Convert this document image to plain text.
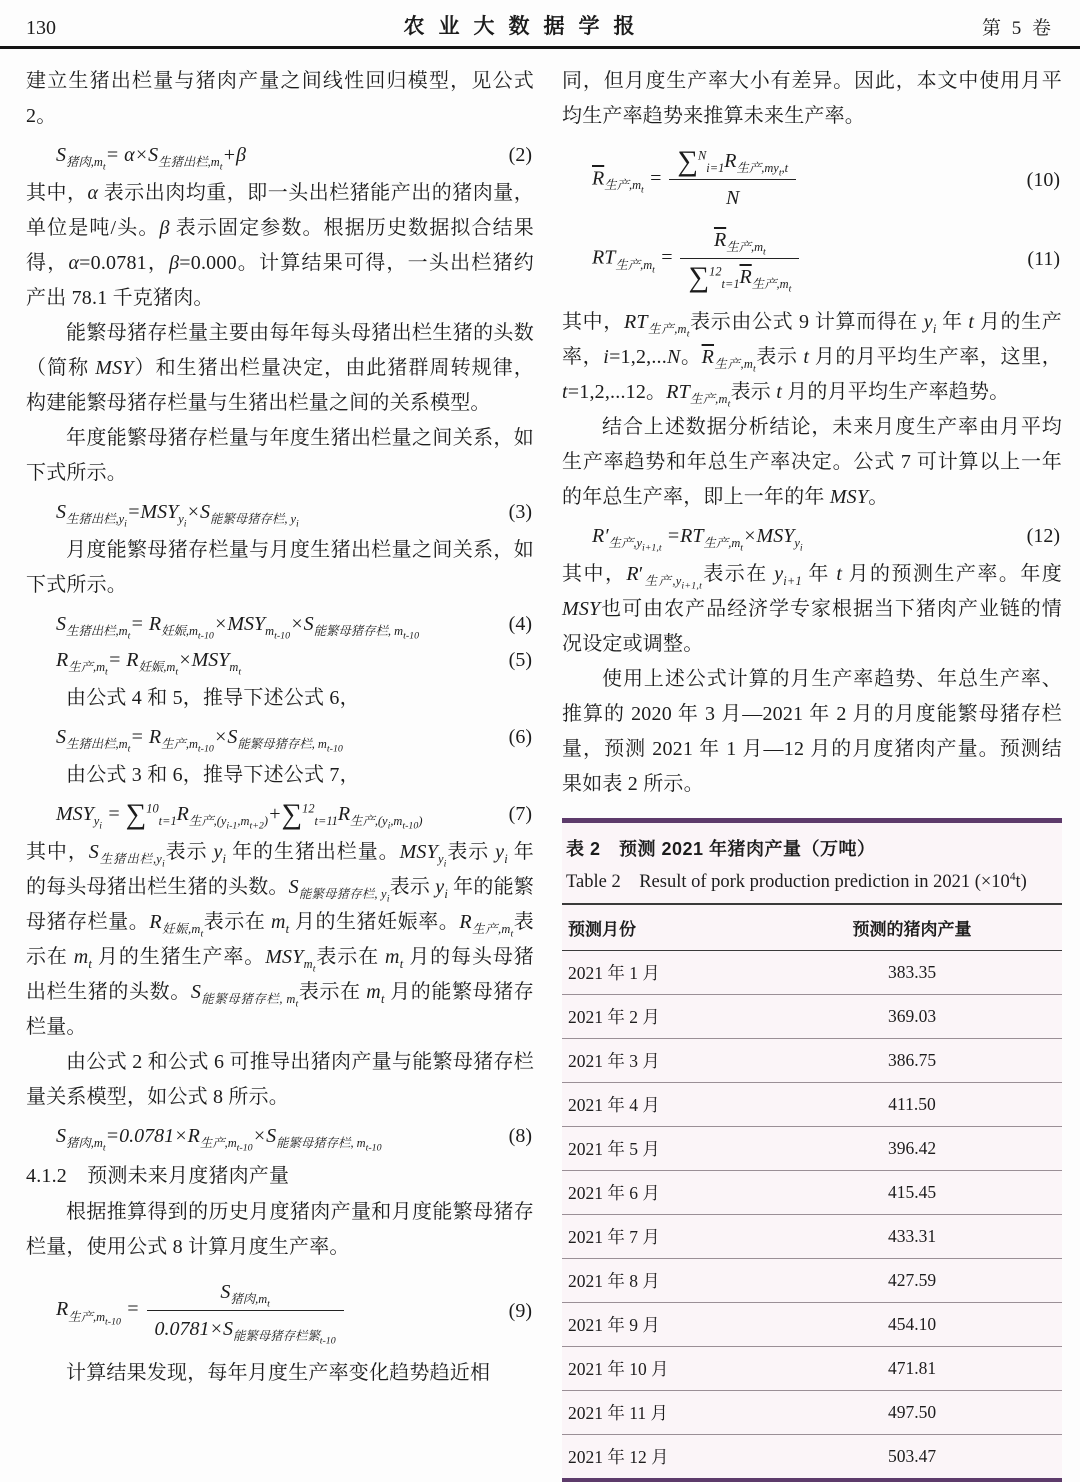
130	农业大数据学报	第 5 卷

建立生猪出栏量与猪肉产量之间线性回归模型，见公式 2。

$S_{猪肉,m_t}= \alpha\times S_{生猪出栏,m_t}+\beta$	(2)

其中，α 表示出肉均重，即一头出栏猪能产出的猪肉量，单位是吨/头。β 表示固定参数。根据历史数据拟合结果得，α=0.0781，β=0.000。计算结果可得，一头出栏猪约产出 78.1 千克猪肉。

能繁母猪存栏量主要由每年每头母猪出栏生猪的头数（简称 MSY）和生猪出栏量决定，由此猪群周转规律，构建能繁母猪存栏量与生猪出栏量之间的关系模型。

年度能繁母猪存栏量与年度生猪出栏量之间关系，如下式所示。

$S_{生猪出栏,y_i}=MSY_{y_i}\times S_{能繁母猪存栏, y_i}$
(3)

月度能繁母猪存栏量与月度生猪出栏量之间关系，如下式所示。

$S_{生猪出栏,m_t}= R_{妊娠,m_{t-10}}\times MSY_{m_{t-10}}\times S_{能繁母猪存栏, m_{t-10}}$
(4)
$R_{生产,m_t}= R_{妊娠,m_t}\times MSY_{m_t}$
(5)

由公式 4 和 5，推导下述公式 6，

$S_{生猪出栏,m_t}= R_{生产,m_{t-10}}\times S_{能繁母猪存栏, m_{t-10}}$
(6)

由公式 3 和 6，推导下述公式 7，

$MSY_{y_i} = \sum^{10}_{t=1}R_{生产,(y_{i-1},m_{t+2})}+\sum^{12}_{t=11}R_{生产,(y_i,m_{t-10})}$	(7)

其中，$S_{生猪出栏,y_i}$表示 $y_i$ 年的生猪出栏量。$MSY_{y_i}$表示 $y_i$ 年的每头母猪出栏生猪的头数。$S_{能繁母猪存栏, y_i}$表示 $y_i$ 年的能繁母猪存栏量。$R_{妊娠,m_t}$表示在 $m_t$ 月的生猪妊娠率。$R_{生产,m_t}$表示在 $m_t$ 月的生猪生产率。$MSY_{m_t}$表示在 $m_t$ 月的每头母猪出栏生猪的头数。$S_{能繁母猪存栏, m_t}$表示在 $m_t$ 月的能繁母猪存栏量。

由公式 2 和公式 6 可推导出猪肉产量与能繁母猪存栏量关系模型，如公式 8 所示。

$S_{猪肉,m_t}=0.0781\times R_{生产,m_{t-10}}\times S_{能繁母猪存栏, m_{t-10}}$
(8)

4.1.2　预测未来月度猪肉产量

根据推算得到的历史月度猪肉产量和月度能繁母猪存栏量，使用公式 8 计算月度生产率。

$R_{生产,m_{t-10}} = \frac{S_{猪肉,m_t}}{0.0781\times S_{能繁母猪存栏繁_{t-10}}}$	(9)

计算结果发现，每年月度生产率变化趋势趋近相

同，但月度生产率大小有差异。因此，本文中使用月平均生产率趋势来推算未来生产率。

$\overline{R}_{生产,m_t} = \frac{\sum^N_{i=1}R_{生产,my_t,t}}{N}$	(10)
$RT_{生产,m_t} = \frac{\overline{R}_{生产,m_t}}{\sum^{12}_{t=1}\overline{R}_{生产,m_t}}$	(11)

其中，$RT_{生产,m_t}$表示由公式 9 计算而得在 $y_i$ 年 t 月的生产率，i=1,2,...N。$\overline{R}_{生产,m_t}$表示 t 月的月平均生产率，这里，t=1,2,...12。$RT_{生产,m_t}$表示 t 月的月平均生产率趋势。

结合上述数据分析结论，未来月度生产率由月平均生产率趋势和年总生产率决定。公式 7 可计算以上一年的年总生产率，即上一年的年 MSY。

$R'_{生产,y_{i+1,t}} =RT_{生产,m_t}\times MSY_{y_i}$
(12)

其中，$R'_{生产,y_{i+1,t}}$表示在 $y_{i+1}$ 年 t 月的预测生产率。年度MSY也可由农产品经济学专家根据当下猪肉产业链的情况设定或调整。

使用上述公式计算的月生产率趋势、年总生产率、推算的 2020 年 3 月—2021 年 2 月的月度能繁母猪存栏量，预测 2021 年 1 月—12 月的月度猪肉产量。预测结果如表 2 所示。

表 2　预测 2021 年猪肉产量（万吨）
Table 2　Result of pork production prediction in 2021 $(\times 10^4t)$
预测月份	预测的猪肉产量
2021 年 1 月	383.35
2021 年 2 月	369.03
2021 年 3 月	386.75
2021 年 4 月	411.50
2021 年 5 月	396.42
2021 年 6 月	415.45
2021 年 7 月	433.31
2021 年 8 月	427.59
2021 年 9 月	454.10
2021 年 10 月	471.81
2021 年 11 月	497.50
2021 年 12 月	503.47
